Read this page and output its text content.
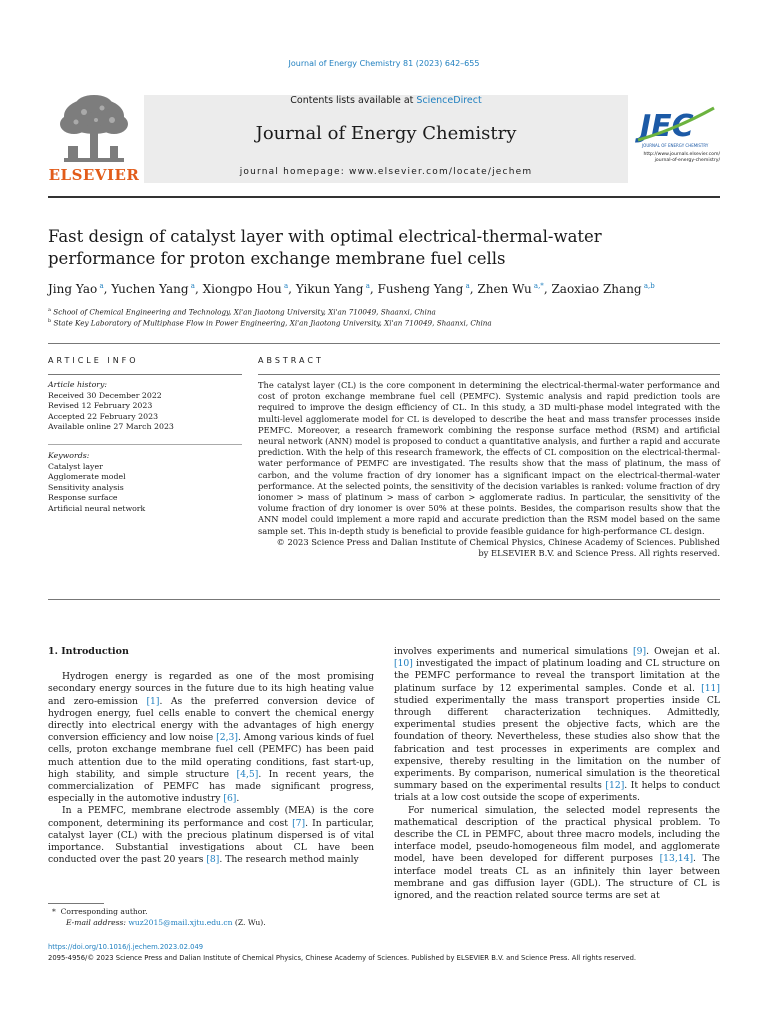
Journal of Energy Chemistry 81 (2023) 642–655
ELSEVIER
Contents lists available at ScienceDirect
Journal of Energy Chemistry
journal homepage: www.elsevier.com/locate/jechem
JEC
JOURNAL OF ENERGY CHEMISTRY
http://www.journals.elsevier.com/
journal-of-energy-chemistry/
Fast design of catalyst layer with optimal electrical-thermal-water
performance for proton exchange membrane fuel cells
Jing Yao $^a$, Yuchen Yang $^a$, Xiongpo Hou $^a$, Yikun Yang $^a$, Fusheng Yang $^a$, Zhen Wu $^{a,*}$, Zaoxiao Zhang $^{a,b}$
$^a$ School of Chemical Engineering and Technology, Xi'an Jiaotong University, Xi'an 710049, Shaanxi, China
$^b$ State Key Laboratory of Multiphase Flow in Power Engineering, Xi'an Jiaotong University, Xi'an 710049, Shaanxi, China
ARTICLE INFO	ABSTRACT
Article history:
Received 30 December 2022
Revised 12 February 2023
Accepted 22 February 2023
Available online 27 March 2023
Keywords:
Catalyst layer
Agglomerate model
Sensitivity analysis
Response surface
Artificial neural network
The catalyst layer (CL) is the core component in determining the electrical-thermal-water performance and cost of proton exchange membrane fuel cell (PEMFC). Systemic analysis and rapid prediction tools are required to improve the design efficiency of CL. In this study, a 3D multi-phase model integrated with the multi-level agglomerate model for CL is developed to describe the heat and mass transfer processes inside PEMFC. Moreover, a research framework combining the response surface method (RSM) and artificial neural network (ANN) model is proposed to conduct a quantitative analysis, and further a rapid and accurate prediction. With the help of this research framework, the effects of CL composition on the electrical-thermal-water performance of PEMFC are investigated. The results show that the mass of platinum, the mass of carbon, and the volume fraction of dry ionomer has a significant impact on the electrical-thermal-water performance. At the selected points, the sensitivity of the decision variables is ranked: volume fraction of dry ionomer > mass of platinum > mass of carbon > agglomerate radius. In particular, the sensitivity of the volume fraction of dry ionomer is over 50% at these points. Besides, the comparison results show that the ANN model could implement a more rapid and accurate prediction than the RSM model based on the same sample set. This in-depth study is beneficial to provide feasible guidance for high-performance CL design.
© 2023 Science Press and Dalian Institute of Chemical Physics, Chinese Academy of Sciences. Published
by ELSEVIER B.V. and Science Press. All rights reserved.

1. Introduction

Hydrogen energy is regarded as one of the most promising secondary energy sources in the future due to its high heating value and zero-emission [1]. As the preferred conversion device of hydrogen energy, fuel cells enable to convert the chemical energy directly into electrical energy with the advantages of high energy conversion efficiency and low noise [2,3]. Among various kinds of fuel cells, proton exchange membrane fuel cell (PEMFC) has been paid much attention due to the mild operating conditions, fast start-up, high stability, and simple structure [4,5]. In recent years, the commercialization of PEMFC has made significant progress, especially in the automotive industry [6].

In a PEMFC, membrane electrode assembly (MEA) is the core component, determining its performance and cost [7]. In particular, catalyst layer (CL) with the precious platinum dispersed is of vital importance. Substantial investigations about CL have been conducted over the past 20 years [8]. The research method mainly

involves experiments and numerical simulations [9]. Owejan et al. [10] investigated the impact of platinum loading and CL structure on the PEMFC performance to reveal the transport limitation at the platinum surface by 12 experimental samples. Conde et al. [11] studied experimentally the mass transport properties inside CL through different characterization techniques. Admittedly, experimental studies present the objective facts, which are the foundation of theory. Nevertheless, these studies also show that the fabrication and test processes in experiments are complex and expensive, thereby resulting in the limitation on the number of experiments. By comparison, numerical simulation is the theoretical summary based on the experimental results [12]. It helps to conduct trials at a low cost outside the scope of experiments.

For numerical simulation, the selected model represents the mathematical description of the practical physical problem. To describe the CL in PEMFC, about three macro models, including the interface model, pseudo-homogeneous film model, and agglomerate model, have been developed for different purposes [13,14]. The interface model treats CL as an infinitely thin layer between membrane and gas diffusion layer (GDL). The structure of CL is ignored, and the reaction related source terms are set at

* Corresponding author.
E-mail address: wuz2015@mail.xjtu.edu.cn (Z. Wu).
https://doi.org/10.1016/j.jechem.2023.02.049
2095-4956/© 2023 Science Press and Dalian Institute of Chemical Physics, Chinese Academy of Sciences. Published by ELSEVIER B.V. and Science Press. All rights reserved.
